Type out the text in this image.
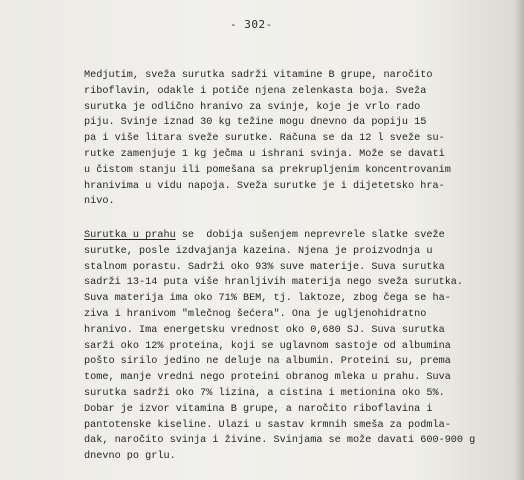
- 302-
Medjutim, sveža surutka sadrži vitamine B grupe, naročito
riboflavin, odakle i potiče njena zelenkasta boja. Sveža
surutka je odlično hranivo za svinje, koje je vrlo rado
piju. Svinje iznad 30 kg težine mogu dnevno da popiju 15
pa i više litara sveže surutke. Računa se da 12 l sveže su-
rutke zamenjuje 1 kg ječma u ishrani svinja. Može se davati
u čistom stanju ili pomešana sa prekrupljenim koncentrovanim
hranivima u vidu napoja. Sveža surutke je i dijetetsko hra-
nivo.
Surutka u prahu se  dobija sušenjem neprevrele slatke sveže
surutke, posle izdvajanja kazeina. Njena je proizvodnja u
stalnom porastu. Sadrži oko 93% suve materije. Suva surutka
sadrži 13-14 puta više hranljivih materija nego sveža surutka.
Suva materija ima oko 71% BEM, tj. laktoze, zbog čega se ha-
ziva i hranivom "mlečnog šećera". Ona je ugljenohidratno
hranivo. Ima energetsku vrednost oko 0,680 SJ. Suva surutka
sarži oko 12% proteina, koji se uglavnom sastoje od albumina
pošto sirilo jedino ne deluje na albumin. Proteini su, prema
tome, manje vredni nego proteini obranog mleka u prahu. Suva
surutka sadrži oko 7% lizina, a cistina i metionina oko 5%.
Dobar je izvor vitamina B grupe, a naročito riboflavina i
pantotenske kiseline. Ulazi u sastav krmnih smeša za podmla-
dak, naročito svinja i živine. Svinjama se može davati 600-900 g
dnevno po grlu.
